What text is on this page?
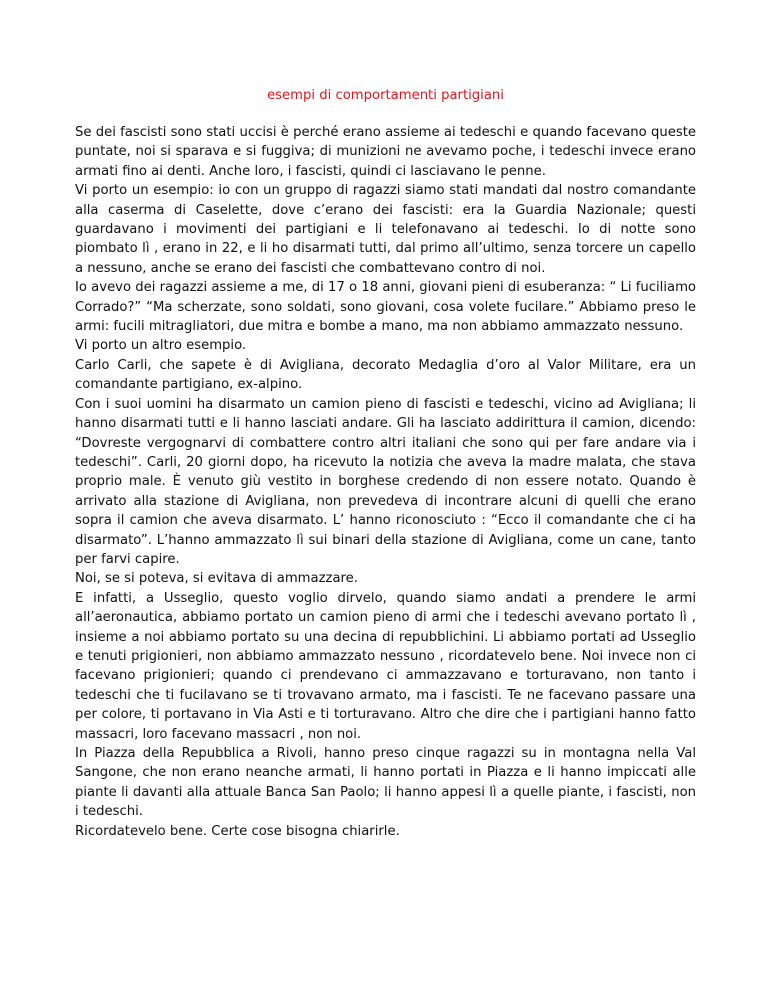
esempi di comportamenti partigiani

Se dei fascisti sono stati uccisi è perché erano assieme ai tedeschi e quando facevano queste puntate, noi si sparava e si fuggiva; di munizioni ne avevamo poche, i tedeschi invece erano armati fino ai denti. Anche loro, i fascisti, quindi ci lasciavano le penne.

Vi porto un esempio: io con un gruppo di ragazzi siamo stati mandati dal nostro comandante alla caserma di Caselette, dove c’erano dei fascisti: era la Guardia Nazionale; questi guardavano i movimenti dei partigiani e li telefonavano ai tedeschi. Io di notte sono piombato lì , erano in 22, e li ho disarmati tutti, dal primo all’ultimo, senza torcere un capello a nessuno, anche se erano dei fascisti che combattevano contro di noi.

Io avevo dei ragazzi assieme a me, di 17 o 18 anni, giovani pieni di esuberanza: “ Li fuciliamo Corrado?” “Ma scherzate, sono soldati, sono giovani, cosa volete fucilare.” Abbiamo preso le armi: fucili mitragliatori, due mitra e bombe a mano, ma non abbiamo ammazzato nessuno.

Vi porto un altro esempio.

Carlo Carli, che sapete è di Avigliana, decorato Medaglia d’oro al Valor Militare, era un comandante partigiano, ex-alpino.

Con i suoi uomini ha disarmato un camion pieno di fascisti e tedeschi, vicino ad Avigliana; li hanno disarmati tutti e li hanno lasciati andare. Gli ha lasciato addirittura il camion, dicendo: “Dovreste vergognarvi di combattere contro altri italiani che sono qui per fare andare via i tedeschi”. Carli, 20 giorni dopo, ha ricevuto la notizia che aveva la madre malata, che stava proprio male. È venuto giù vestito in borghese credendo di non essere notato. Quando è arrivato alla stazione di Avigliana, non prevedeva di incontrare alcuni di quelli che erano sopra il camion che aveva disarmato. L’ hanno riconosciuto : “Ecco il comandante che ci ha disarmato”. L’hanno ammazzato lì sui binari della stazione di Avigliana, come un cane, tanto per farvi capire.

Noi, se si poteva, si evitava di ammazzare.

E infatti, a Usseglio, questo voglio dirvelo, quando siamo andati a prendere le armi all’aeronautica, abbiamo portato un camion pieno di armi che i tedeschi avevano portato lì , insieme a noi abbiamo portato su una decina di repubblichini. Li abbiamo portati ad Usseglio e tenuti prigionieri, non abbiamo ammazzato nessuno , ricordatevelo bene. Noi invece non ci facevano prigionieri; quando ci prendevano ci ammazzavano e torturavano, non tanto i tedeschi che ti fucilavano se ti trovavano armato, ma i fascisti. Te ne facevano passare una per colore, ti portavano in Via Asti e ti torturavano. Altro che dire che i partigiani hanno fatto massacri, loro facevano massacri , non noi.

In Piazza della Repubblica a Rivoli, hanno preso cinque ragazzi su in montagna nella Val Sangone, che non erano neanche armati, li hanno portati in Piazza e li hanno impiccati alle piante li davanti alla attuale Banca San Paolo; li hanno appesi lì a quelle piante, i fascisti, non i tedeschi.

Ricordatevelo bene. Certe cose bisogna chiarirle.
